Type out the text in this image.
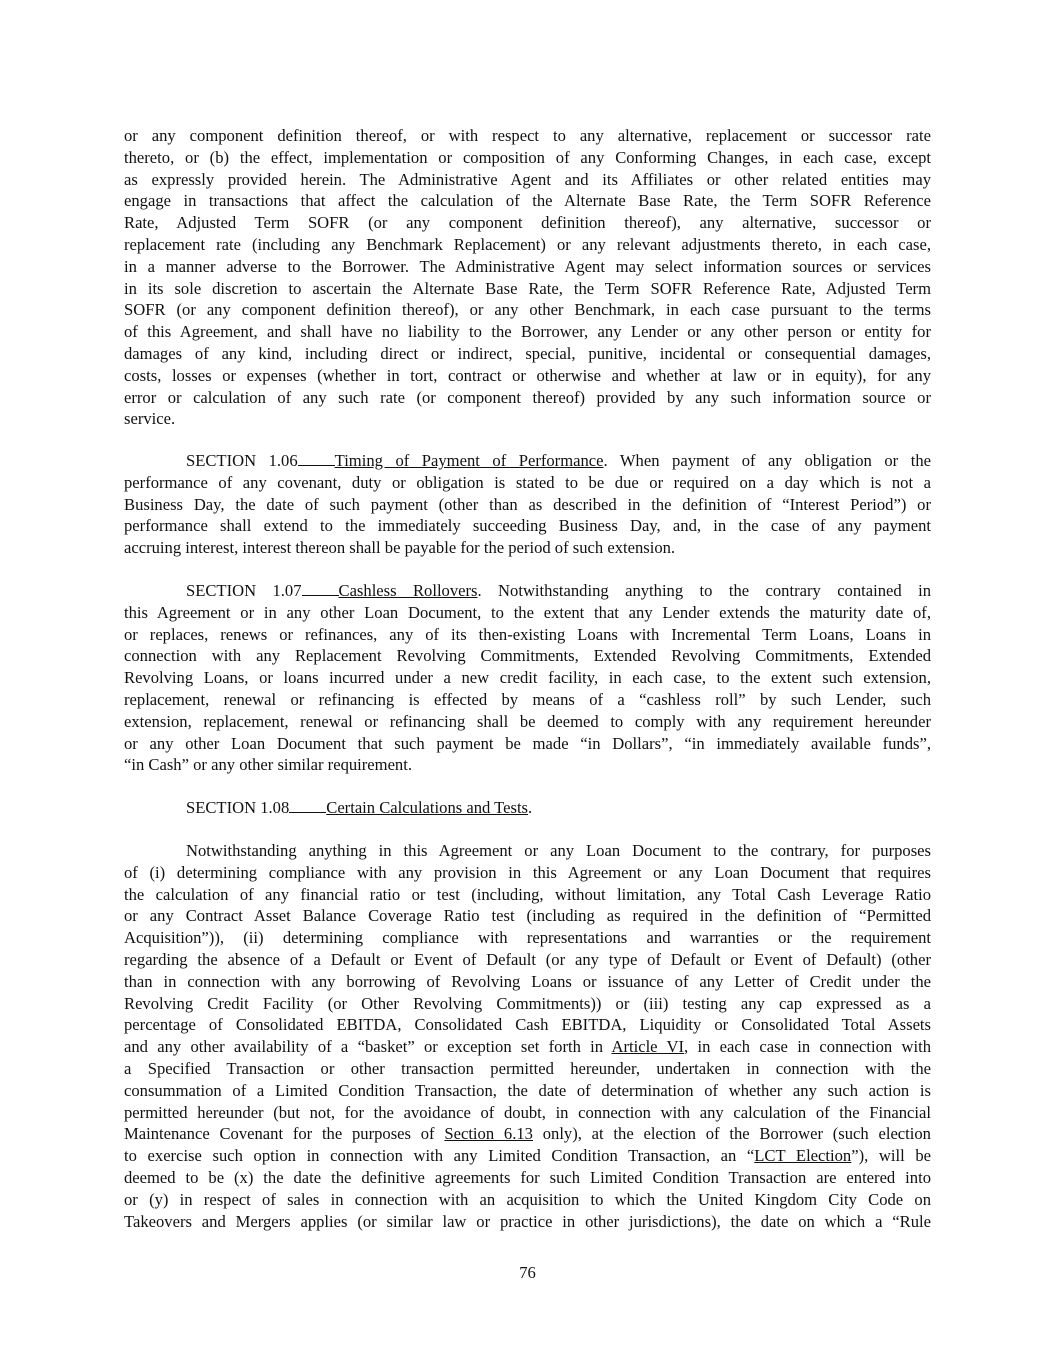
or any component definition thereof, or with respect to any alternative, replacement or successor rate

thereto, or (b) the effect, implementation or composition of any Conforming Changes, in each case, except

as expressly provided herein. The Administrative Agent and its Affiliates or other related entities may

engage in transactions that affect the calculation of the Alternate Base Rate, the Term SOFR Reference

Rate, Adjusted Term SOFR (or any component definition thereof), any alternative, successor or

replacement rate (including any Benchmark Replacement) or any relevant adjustments thereto, in each case,

in a manner adverse to the Borrower. The Administrative Agent may select information sources or services

in its sole discretion to ascertain the Alternate Base Rate, the Term SOFR Reference Rate, Adjusted Term

SOFR (or any component definition thereof), or any other Benchmark, in each case pursuant to the terms

of this Agreement, and shall have no liability to the Borrower, any Lender or any other person or entity for

damages of any kind, including direct or indirect, special, punitive, incidental or consequential damages,

costs, losses or expenses (whether in tort, contract or otherwise and whether at law or in equity), for any

error or calculation of any such rate (or component thereof) provided by any such information source or

service.

SECTION 1.06 Timing of Payment of Performance. When payment of any obligation or the

performance of any covenant, duty or obligation is stated to be due or required on a day which is not a

Business Day, the date of such payment (other than as described in the definition of “Interest Period”) or

performance shall extend to the immediately succeeding Business Day, and, in the case of any payment

accruing interest, interest thereon shall be payable for the period of such extension.

SECTION 1.07 Cashless Rollovers. Notwithstanding anything to the contrary contained in

this Agreement or in any other Loan Document, to the extent that any Lender extends the maturity date of,

or replaces, renews or refinances, any of its then-existing Loans with Incremental Term Loans, Loans in

connection with any Replacement Revolving Commitments, Extended Revolving Commitments, Extended

Revolving Loans, or loans incurred under a new credit facility, in each case, to the extent such extension,

replacement, renewal or refinancing is effected by means of a “cashless roll” by such Lender, such

extension, replacement, renewal or refinancing shall be deemed to comply with any requirement hereunder

or any other Loan Document that such payment be made “in Dollars”, “in immediately available funds”,

“in Cash” or any other similar requirement.

SECTION 1.08 Certain Calculations and Tests.

Notwithstanding anything in this Agreement or any Loan Document to the contrary, for purposes

of (i) determining compliance with any provision in this Agreement or any Loan Document that requires

the calculation of any financial ratio or test (including, without limitation, any Total Cash Leverage Ratio

or any Contract Asset Balance Coverage Ratio test (including as required in the definition of “Permitted

Acquisition”)), (ii) determining compliance with representations and warranties or the requirement

regarding the absence of a Default or Event of Default (or any type of Default or Event of Default) (other

than in connection with any borrowing of Revolving Loans or issuance of any Letter of Credit under the

Revolving Credit Facility (or Other Revolving Commitments)) or (iii) testing any cap expressed as a

percentage of Consolidated EBITDA, Consolidated Cash EBITDA, Liquidity or Consolidated Total Assets

and any other availability of a “basket” or exception set forth in Article VI, in each case in connection with

a Specified Transaction or other transaction permitted hereunder, undertaken in connection with the

consummation of a Limited Condition Transaction, the date of determination of whether any such action is

permitted hereunder (but not, for the avoidance of doubt, in connection with any calculation of the Financial

Maintenance Covenant for the purposes of Section 6.13 only), at the election of the Borrower (such election

to exercise such option in connection with any Limited Condition Transaction, an “LCT Election”), will be

deemed to be (x) the date the definitive agreements for such Limited Condition Transaction are entered into

or (y) in respect of sales in connection with an acquisition to which the United Kingdom City Code on

Takeovers and Mergers applies (or similar law or practice in other jurisdictions), the date on which a “Rule

76
